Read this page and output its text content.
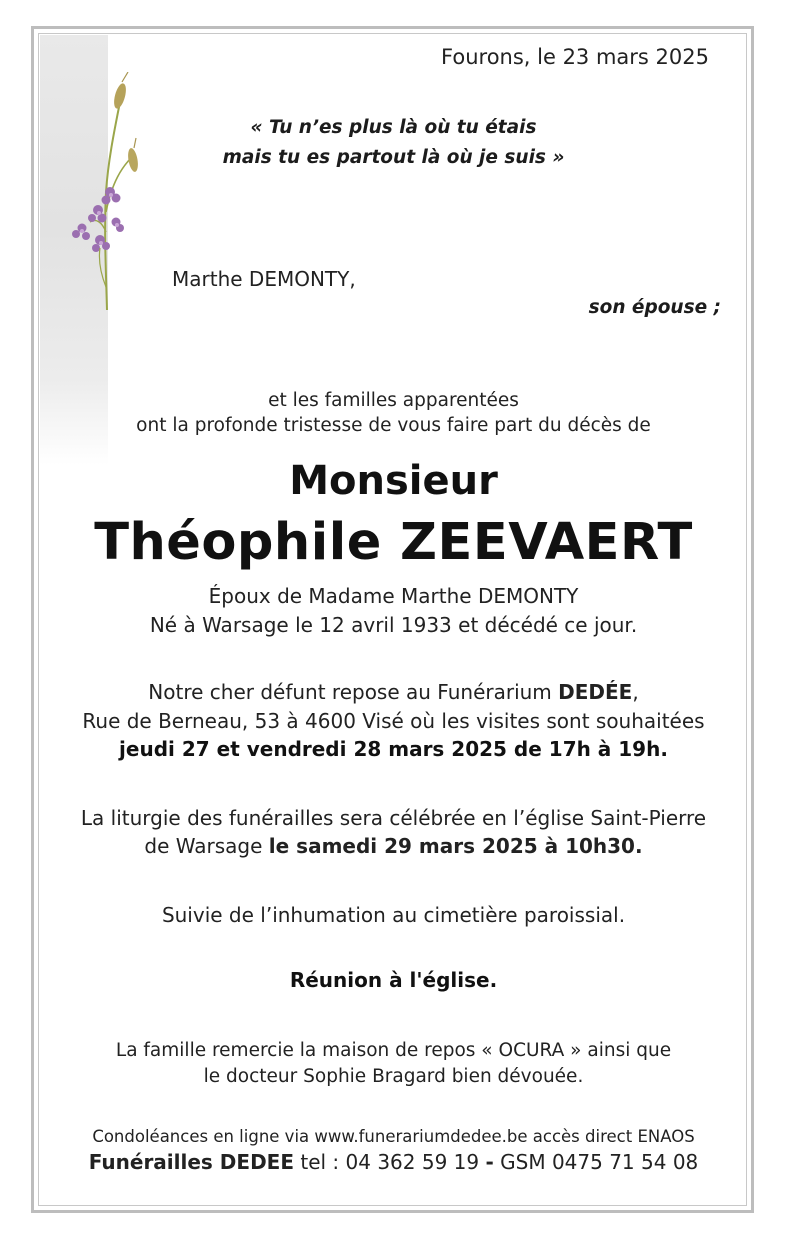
Fourons, le 23 mars 2025
« Tu n’es plus là où tu étais
mais tu es partout là où je suis »
Marthe DEMONTY,
son épouse ;
et les familles apparentées
ont la profonde tristesse de vous faire part du décès de
Monsieur
Théophile ZEEVAERT
Époux de Madame Marthe DEMONTY
Né à Warsage le 12 avril 1933 et décédé ce jour.
Notre cher défunt repose au Funérarium DEDÉE,
Rue de Berneau, 53 à 4600 Visé où les visites sont souhaitées
jeudi 27 et vendredi 28 mars 2025 de 17h à 19h.
La liturgie des funérailles sera célébrée en l’église Saint-Pierre
de Warsage le samedi 29 mars 2025 à 10h30.
Suivie de l’inhumation au cimetière paroissial.
Réunion à l'église.
La famille remercie la maison de repos « OCURA » ainsi que
le docteur Sophie Bragard bien dévouée.
Condoléances en ligne via www.funerariumdedee.be accès direct ENAOS
Funérailles DEDEE tel : 04 362 59 19 - GSM 0475 71 54 08
